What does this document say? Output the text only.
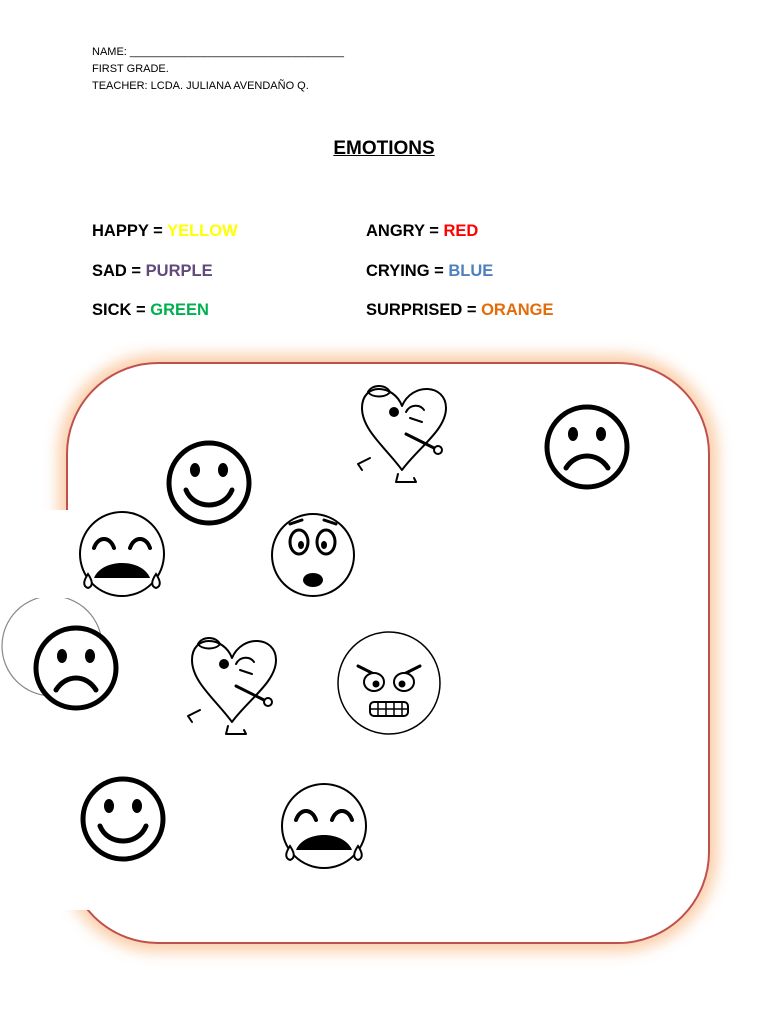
NAME: ___________________________________
FIRST GRADE.
TEACHER: LCDA. JULIANA AVENDAÑO Q.
EMOTIONS
HAPPY = YELLOW	ANGRY = RED
SAD = PURPLE	CRYING = BLUE
SICK = GREEN	SURPRISED = ORANGE
